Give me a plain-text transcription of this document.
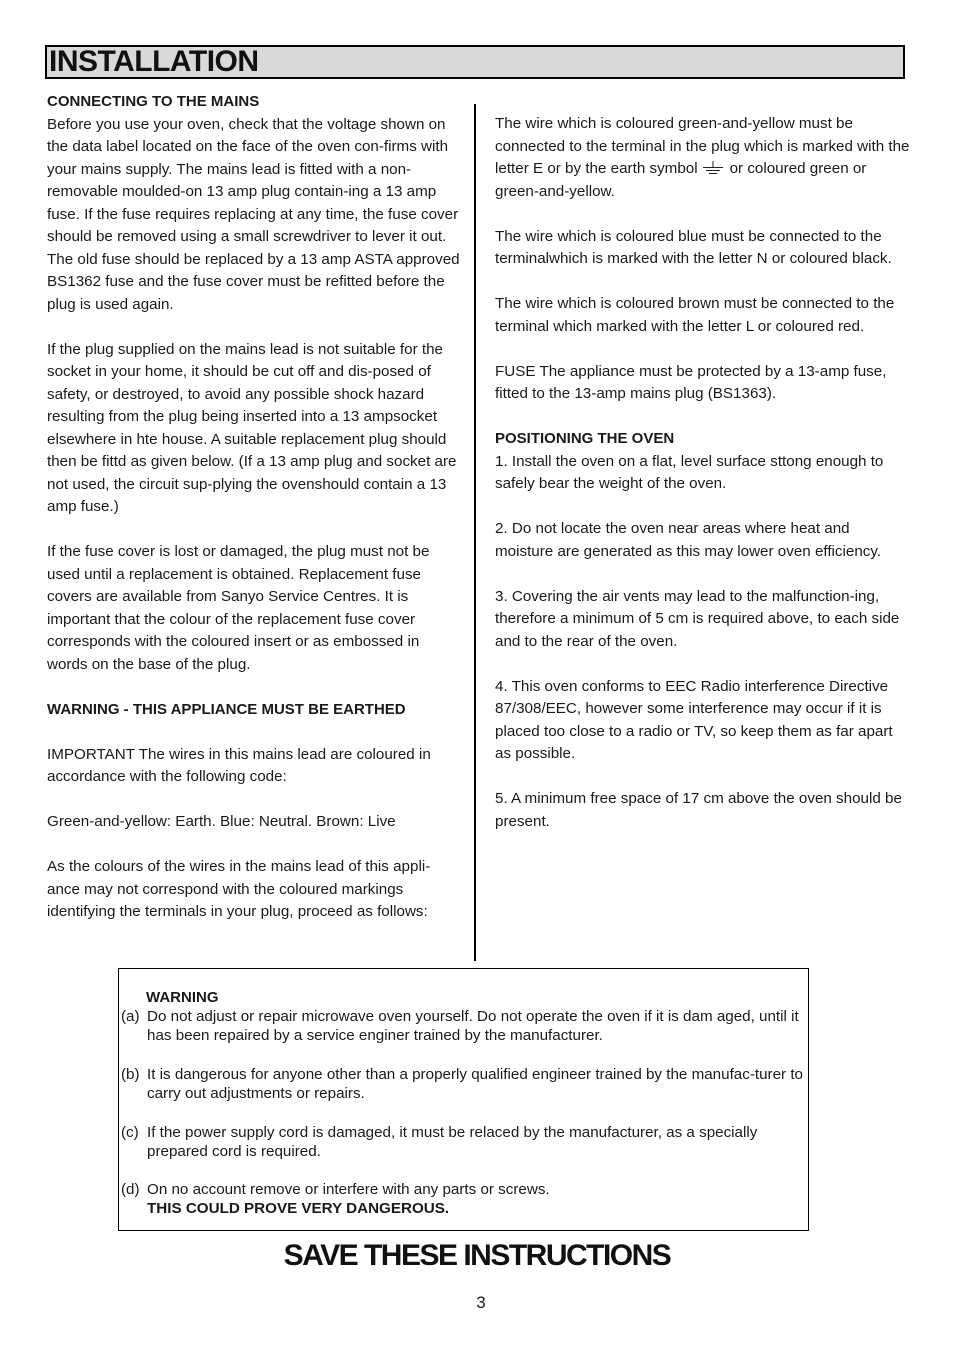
INSTALLATION
CONNECTING TO THE MAINS

Before you use your oven, check that the voltage shown on the data label located on the face of the oven con-firms with your mains supply. The mains lead is fitted with a non-removable moulded-on 13 amp plug contain-ing a 13 amp fuse. If the fuse requires replacing at any time, the fuse cover should be removed using a small screwdriver to lever it out. The old fuse should be replaced by a 13 amp ASTA approved BS1362 fuse and the fuse cover must be refitted before the plug is used again.

If the plug supplied on the mains lead is not suitable for the socket in your home, it should be cut off and dis-posed of safety, or destroyed, to avoid any possible shock hazard resulting from the plug being inserted into a 13 ampsocket elsewhere in hte house. A suitable replacement plug should then be fittd as given below. (If a 13 amp plug and socket are not used, the circuit sup-plying the ovenshould contain a 13 amp fuse.)

If the fuse cover is lost or damaged, the plug must not be used until a replacement is obtained. Replacement fuse covers are available from Sanyo Service Centres. It is important that the colour of the replacement fuse cover corresponds with the coloured insert or as embossed in words on the base of the plug.

WARNING - THIS APPLIANCE MUST BE EARTHED

IMPORTANT The wires in this mains lead are coloured in accordance with the following code:

Green-and-yellow: Earth. Blue: Neutral. Brown: Live

As the colours of the wires in the mains lead of this appli-ance may not correspond with the coloured markings identifying the terminals in your plug, proceed as follows:

The wire which is coloured green-and-yellow must be connected to the terminal in the plug which is marked with the letter E or by the earth symbol or coloured green or green-and-yellow.

The wire which is coloured blue must be connected to the terminalwhich is marked with the letter N or coloured black.

The wire which is coloured brown must be connected to the terminal which marked with the letter L or coloured red.

FUSE The appliance must be protected by a 13-amp fuse, fitted to the 13-amp mains plug (BS1363).

POSITIONING THE OVEN

1. Install the oven on a flat, level surface sttong enough to safely bear the weight of the oven.

2. Do not locate the oven near areas where heat and moisture are generated as this may lower oven efficiency.

3. Covering the air vents may lead to the malfunction-ing, therefore a minimum of 5 cm is required above, to each side and to the rear of the oven.

4. This oven conforms to EEC Radio interference Directive 87/308/EEC, however some interference may occur if it is placed too close to a radio or TV, so keep them as far apart as possible.

5. A minimum free space of 17 cm above the oven should be present.

WARNING
(a) Do not adjust or repair microwave oven yourself. Do not operate the oven if it is dam aged, until it has been repaired by a service enginer trained by the manufacturer.
(b) It is dangerous for anyone other than a properly qualified engineer trained by the manufac-turer to carry out adjustments or repairs.
(c) If the power supply cord is damaged, it must be relaced by the manufacturer, as a specially prepared cord is required.
(d) On no account remove or interfere with any parts or screws.
THIS COULD PROVE VERY DANGEROUS.
SAVE THESE INSTRUCTIONS
3
